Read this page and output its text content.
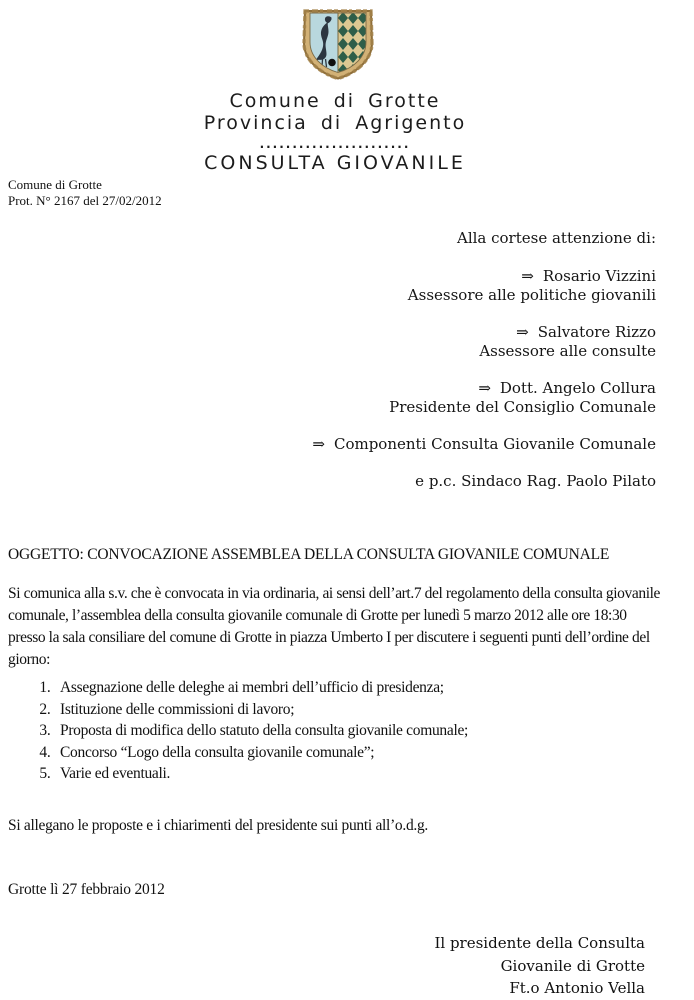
Comune di Grotte
Provincia di Agrigento
.......................
CONSULTA GIOVANILE
Comune di Grotte
Prot. N° 2167 del 27/02/2012
Alla cortese attenzione di:
⇒ Rosario Vizzini
Assessore alle politiche giovanili
⇒ Salvatore Rizzo
Assessore alle consulte
⇒ Dott. Angelo Collura
Presidente del Consiglio Comunale
⇒ Componenti Consulta Giovanile Comunale
e p.c. Sindaco Rag. Paolo Pilato
OGGETTO: CONVOCAZIONE ASSEMBLEA DELLA CONSULTA GIOVANILE COMUNALE
Si comunica alla s.v. che è convocata in via ordinaria, ai sensi dell’art.7 del regolamento della consulta giovanile comunale, l’assemblea della consulta giovanile comunale di Grotte per lunedì 5 marzo 2012 alle ore 18:30 presso la sala consiliare del comune di Grotte in piazza Umberto I per discutere i seguenti punti dell’ordine del giorno:
1. Assegnazione delle deleghe ai membri dell’ufficio di presidenza;
2. Istituzione delle commissioni di lavoro;
3. Proposta di modifica dello statuto della consulta giovanile comunale;
4. Concorso “Logo della consulta giovanile comunale”;
5. Varie ed eventuali.
Si allegano le proposte e i chiarimenti del presidente sui punti all’o.d.g.
Grotte lì 27 febbraio 2012
Il presidente della Consulta
Giovanile di Grotte
Ft.o Antonio Vella
